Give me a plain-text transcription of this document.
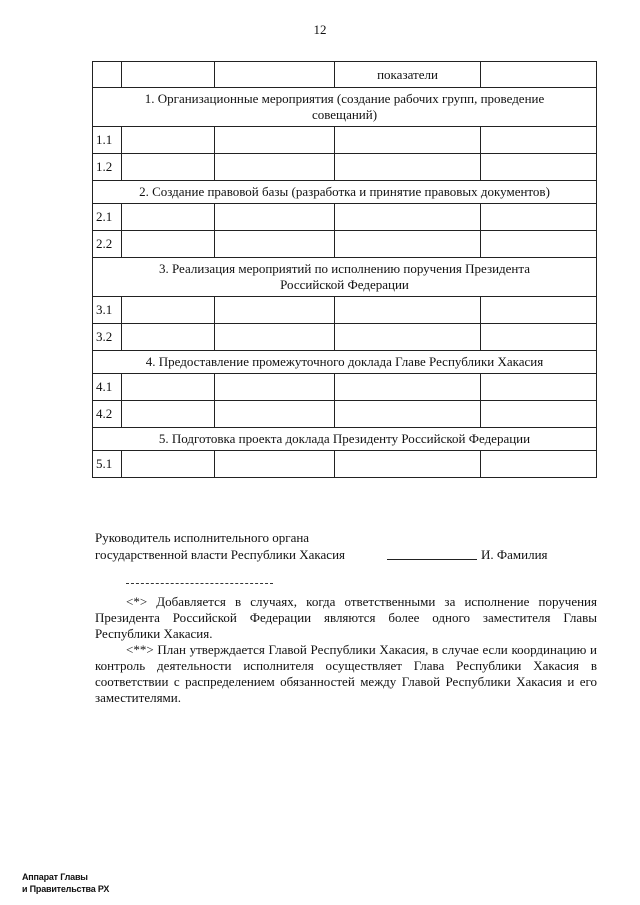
12
			показатели	
1. Организационные мероприятия (создание рабочих групп, проведение совещаний)				
1.1				
1.2				
2. Создание правовой базы (разработка и принятие правовых документов)				
2.1				
2.2				
3. Реализация мероприятий по исполнению поручения Президента Российской Федерации				
3.1				
3.2				
4. Предоставление промежуточного доклада Главе Республики Хакасия				
4.1				
4.2				
5. Подготовка проекта доклада Президенту Российской Федерации				
5.1				
Руководитель исполнительного органа
государственной власти Республики Хакасия	И. Фамилия
<*> Добавляется в случаях, когда ответственными за исполнение поручения Президента Российской Федерации являются более одного заместителя Главы Республики Хакасия.
<**> План утверждается Главой Республики Хакасия, в случае если координацию и контроль деятельности исполнителя осуществляет Глава Республики Хакасия в соответствии с распределением обязанностей между Главой Республики Хакасия и его заместителями.
Аппарат Главы
и Правительства РХ
